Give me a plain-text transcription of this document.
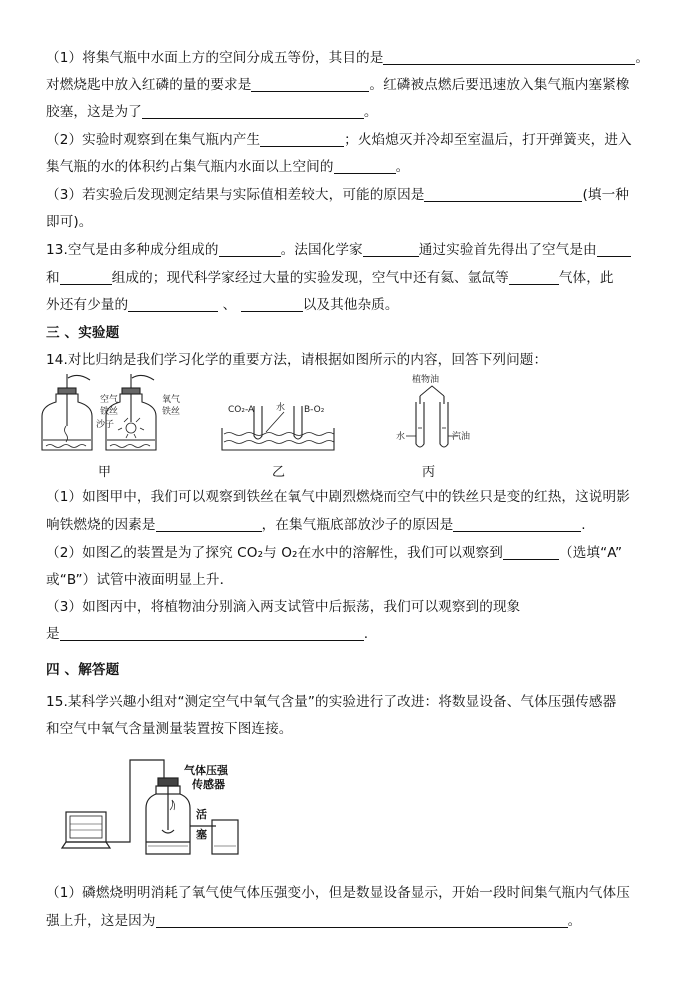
（1）将集气瓶中水面上方的空间分成五等份，其目的是	。
对燃烧匙中放入红磷的量的要求是	。红磷被点燃后要迅速放入集气瓶内塞紧橡
胶塞，这是为了	。
（2）实验时观察到在集气瓶内产生	；火焰熄灭并冷却至室温后，打开弹簧夹，进入
集气瓶的水的体积约占集气瓶内水面以上空间的	。
（3）若实验后发现测定结果与实际值相差较大，可能的原因是	(填一种
即可)。
13.空气是由多种成分组成的	。法国化学家	通过实验首先得出了空气是由
和	组成的；现代科学家经过大量的实验发现，空气中还有氦、氩氙等	气体，此
外还有少量的	、	以及其他杂质。
三 、实验题
14.对比归纳是我们学习化学的重要方法，请根据如图所示的内容，回答下列问题：
空气
铁丝
沙子
氧气
铁丝
甲
CO₂-A 水 B-O₂
乙
植物油
水	汽油
丙
（1）如图甲中，我们可以观察到铁丝在氧气中剧烈燃烧而空气中的铁丝只是变的红热，这说明影
响铁燃烧的因素是	，在集气瓶底部放沙子的原因是	.
（2）如图乙的装置是为了探究 CO₂与 O₂在水中的溶解性，我们可以观察到	（选填“A”
或“B”）试管中液面明显上升．
（3）如图丙中，将植物油分别滴入两支试管中后振荡，我们可以观察到的现象
是	.
四 、解答题
15.某科学兴趣小组对“测定空气中氧气含量”的实验进行了改进：将数显设备、气体压强传感器
和空气中氧气含量测量装置按下图连接。
气体压强
传感器
活
塞
（1）磷燃烧明明消耗了氧气使气体压强变小，但是数显设备显示，开始一段时间集气瓶内气体压
强上升，这是因为	。
